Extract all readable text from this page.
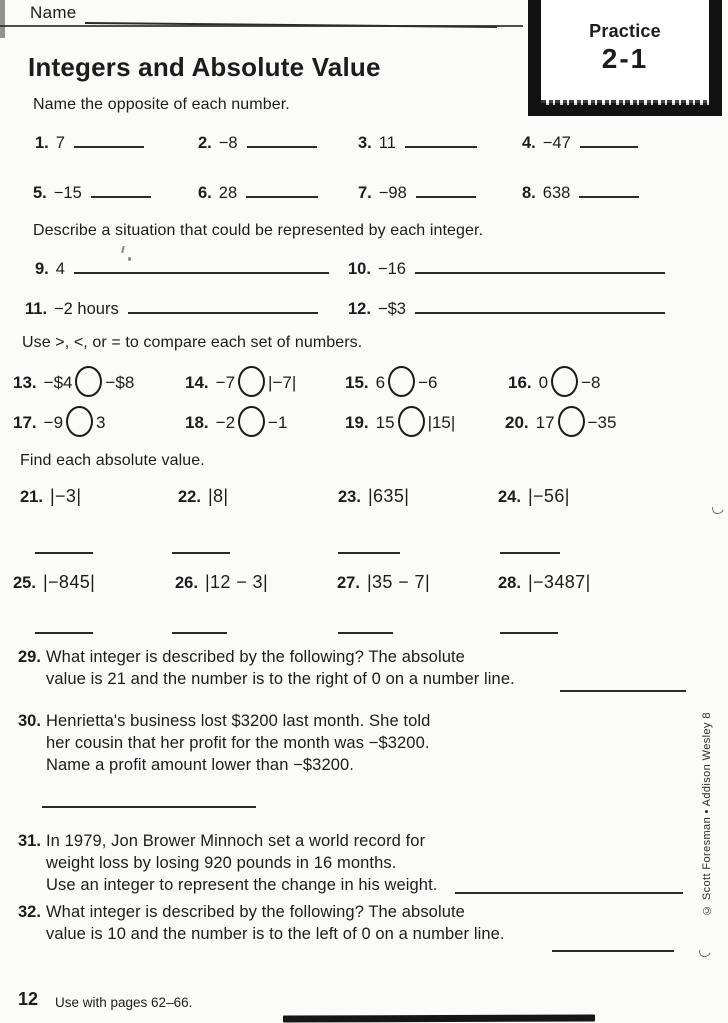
Name
Practice
2-1
Integers and Absolute Value
Name the opposite of each number.
1. 7	2. −8	3. 11	4. −47
5. −15	6. 28	7. −98	8. 638
Describe a situation that could be represented by each integer.
9. 4	10. −16
11. −2 hours	12. −$3
Use >, <, or = to compare each set of numbers.
13. −$4 −$8	14. −7 |−7|	15. 6 −6	16. 0 −8
17. −9 3	18. −2 −1	19. 15 |15|	20. 17 −35
Find each absolute value.
21. |−3|	22. |8|	23. |635|	24. |−56|
25. |−845|	26. |12 − 3|	27. |35 − 7|	28. |−3487|
29. What integer is described by the following? The absolute
value is 21 and the number is to the right of 0 on a number line.
30. Henrietta's business lost $3200 last month. She told
her cousin that her profit for the month was −$3200.
Name a profit amount lower than −$3200.
31. In 1979, Jon Brower Minnoch set a world record for
weight loss by losing 920 pounds in 16 months.
Use an integer to represent the change in his weight.
32. What integer is described by the following? The absolute
value is 10 and the number is to the left of 0 on a number line.
12 Use with pages 62–66.
© Scott Foresman • Addison Wesley 8
